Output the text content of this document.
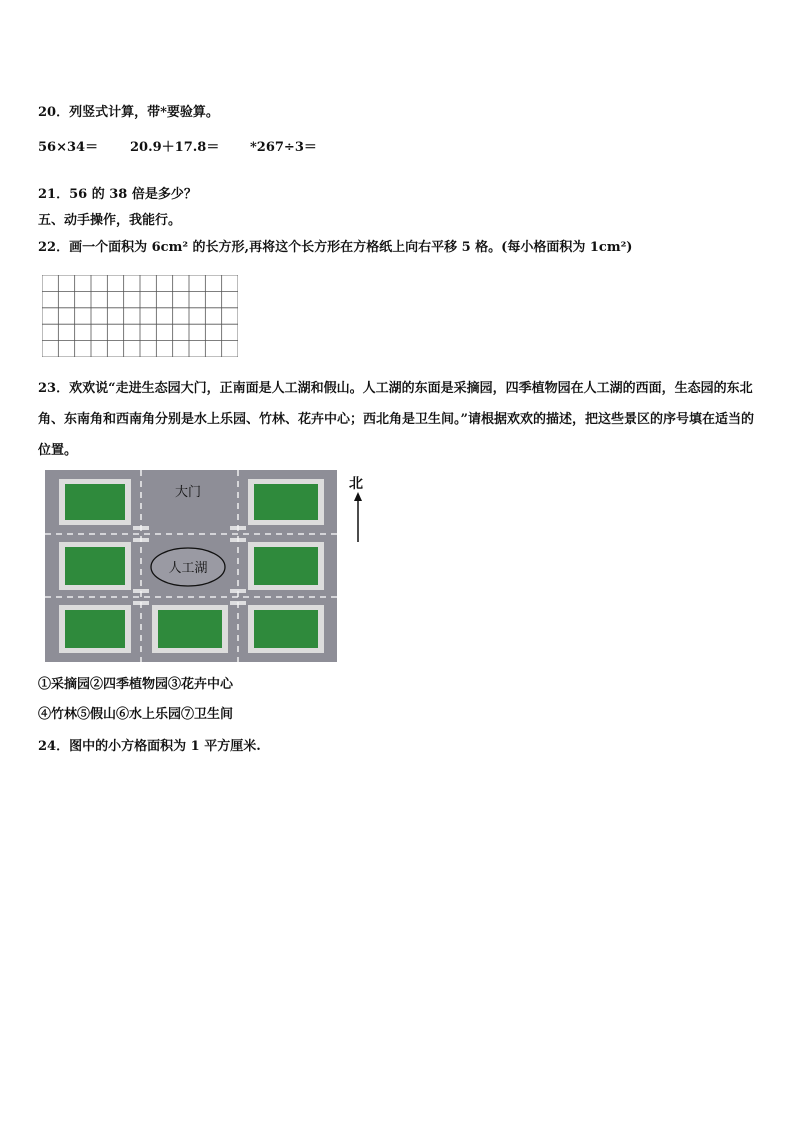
20．列竖式计算，带*要验算。
56×34＝ 20.9＋17.8＝ *267÷3＝
21．56 的 38 倍是多少？
五、动手操作，我能行。
22．画一个面积为 6cm² 的长方形,再将这个长方形在方格纸上向右平移 5 格。(每小格面积为 1cm²)
23．欢欢说“走进生态园大门，正南面是人工湖和假山。人工湖的东面是采摘园，四季植物园在人工湖的西面，生态园的东北角、东南角和西南角分别是水上乐园、竹林、花卉中心；西北角是卫生间。”请根据欢欢的描述，把这些景区的序号填在适当的位置。
人工湖
大门
北
①采摘园②四季植物园③花卉中心
④竹林⑤假山⑥水上乐园⑦卫生间
24．图中的小方格面积为 1 平方厘米.
